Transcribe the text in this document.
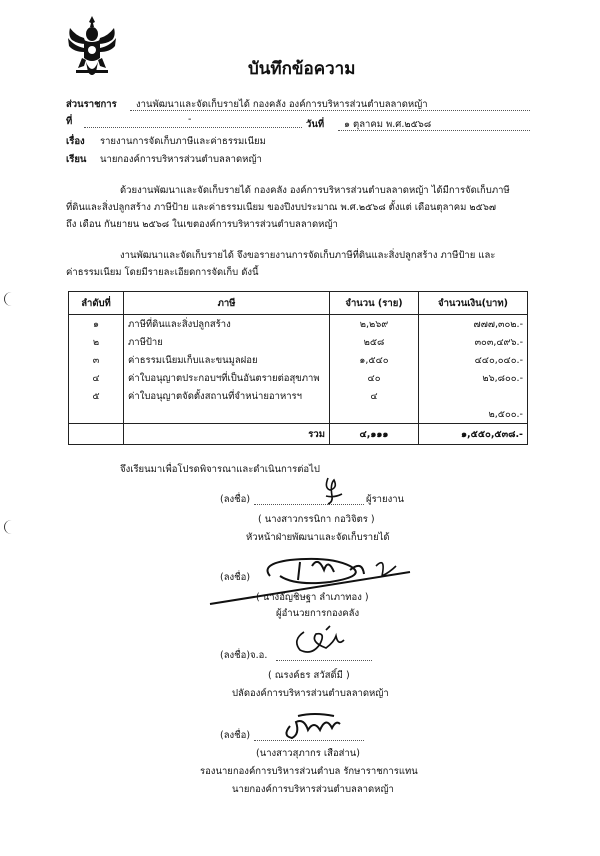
บันทึกข้อความ
ส่วนราชการ งานพัฒนาและจัดเก็บรายได้ กองคลัง องค์การบริหารส่วนตำบลลาดหญ้า
ที่	-	วันที่ ๑ ตุลาคม พ.ศ.๒๕๖๘
เรื่อง รายงานการจัดเก็บภาษีและค่าธรรมเนียม
เรียน นายกองค์การบริหารส่วนตำบลลาดหญ้า
ด้วยงานพัฒนาและจัดเก็บรายได้ กองคลัง องค์การบริหารส่วนตำบลลาดหญ้า ได้มีการจัดเก็บภาษี
ที่ดินและสิ่งปลูกสร้าง ภาษีป้าย และค่าธรรมเนียม ของปีงบประมาณ พ.ศ.๒๕๖๘ ตั้งแต่ เดือนตุลาคม ๒๕๖๗
ถึง เดือน กันยายน ๒๕๖๘ ในเขตองค์การบริหารส่วนตำบลลาดหญ้า
งานพัฒนาและจัดเก็บรายได้ จึงขอรายงานการจัดเก็บภาษีที่ดินและสิ่งปลูกสร้าง ภาษีป้าย และ
ค่าธรรมเนียม โดยมีรายละเอียดการจัดเก็บ ดังนี้
ลำดับที่	ภาษี	จำนวน (ราย)	จำนวนเงิน(บาท)
๑	ภาษีที่ดินและสิ่งปลูกสร้าง	๒,๒๖๙	๗๗๗,๓๐๒.-
๒	ภาษีป้าย	๒๕๘	๓๐๓,๔๙๖.-
๓	ค่าธรรมเนียมเก็บและขนมูลฝอย	๑,๕๔๐	๔๔๐,๐๔๐.-
๔	ค่าใบอนุญาตประกอบฯที่เป็นอันตรายต่อสุขภาพ	๔๐	๒๖,๘๐๐.-
๕	ค่าใบอนุญาตจัดตั้งสถานที่จำหน่ายอาหารฯ	๔	
			๒,๕๐๐.-
	รวม	๔,๑๑๑	๑,๕๕๐,๕๓๘.-
จึงเรียนมาเพื่อโปรดพิจารณาและดำเนินการต่อไป
(ลงชื่อ)	ผู้รายงาน
( นางสาวกรรนิกา กอวิจิตร )
หัวหน้าฝ่ายพัฒนาและจัดเก็บรายได้
(ลงชื่อ)
( นางอัญชิษฐา ลำเภาทอง )
ผู้อำนวยการกองคลัง
(ลงชื่อ)จ.อ.
( ณรงค์ธร สวัสดิ์มี )
ปลัดองค์การบริหารส่วนตำบลลาดหญ้า
(ลงชื่อ)
(นางสาวสุภากร เสือส่าน)
รองนายกองค์การบริหารส่วนตำบล รักษาราชการแทน
นายกองค์การบริหารส่วนตำบลลาดหญ้า
